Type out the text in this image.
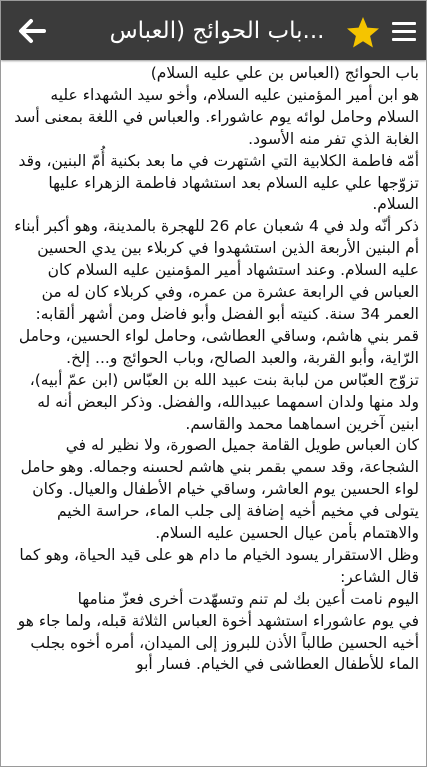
...باب الحوائج (العباس

باب الحوائج (العباس بن علي عليه السلام)

هو ابن أمير المؤمنين عليه السلام، وأخو سيد الشهداء عليه السلام وحامل لوائه يوم عاشوراء. والعباس في اللغة بمعنى أسد الغابة الذي تفر منه الأسود.

أمّه فاطمة الكلابية التي اشتهرت في ما بعد بكنية أُمّ البنين، وقد تزوّجها علي عليه السلام بعد استشهاد فاطمة الزهراء عليها السلام.

ذكر أنّه ولد في 4 شعبان عام 26 للهجرة بالمدينة، وهو أكبر أبناء أم البنين الأربعة الذين استشهدوا في كربلاء بين يدي الحسين عليه السلام. وعند استشهاد أمير المؤمنين عليه السلام كان العباس في الرابعة عشرة من عمره، وفي كربلاء كان له من العمر 34 سنة. كنيته أبو الفضل وأبو فاضل ومن أشهر ألقابه: قمر بني هاشم، وساقي العطاشى، وحامل لواء الحسين، وحامل الرّاية، وأبو القربة، والعبد الصالح، وباب الحوائج و... إلخ.

تزوّج العبّاس من لبابة بنت عبيد الله بن العبّاس (ابن عمّ أبيه)، ولد منها ولدان اسمهما عبيدالله، والفضل. وذكر البعض أنه له ابنين آخرين اسماهما محمد والقاسم.

كان العباس طويل القامة جميل الصورة، ولا نظير له في الشجاعة، وقد سمي بقمر بني هاشم لحسنه وجماله. وهو حامل لواء الحسين يوم العاشر، وساقي خيام الأطفال والعيال. وكان يتولى في مخيم أخيه إضافة إلى جلب الماء، حراسة الخيم والاهتمام بأمن عيال الحسين عليه السلام.

وظل الاستقرار يسود الخيام ما دام هو على قيد الحياة، وهو كما قال الشاعر:

اليوم نامت أعين بك لم تنم وتسهّدت أخرى فعزّ منامها

في يوم عاشوراء استشهد أخوة العباس الثلاثة قبله، ولما جاء هو أخيه الحسين طالباً الأذن للبروز إلى الميدان، أمره أخوه بجلب الماء للأطفال العطاشى في الخيام. فسار أبو
